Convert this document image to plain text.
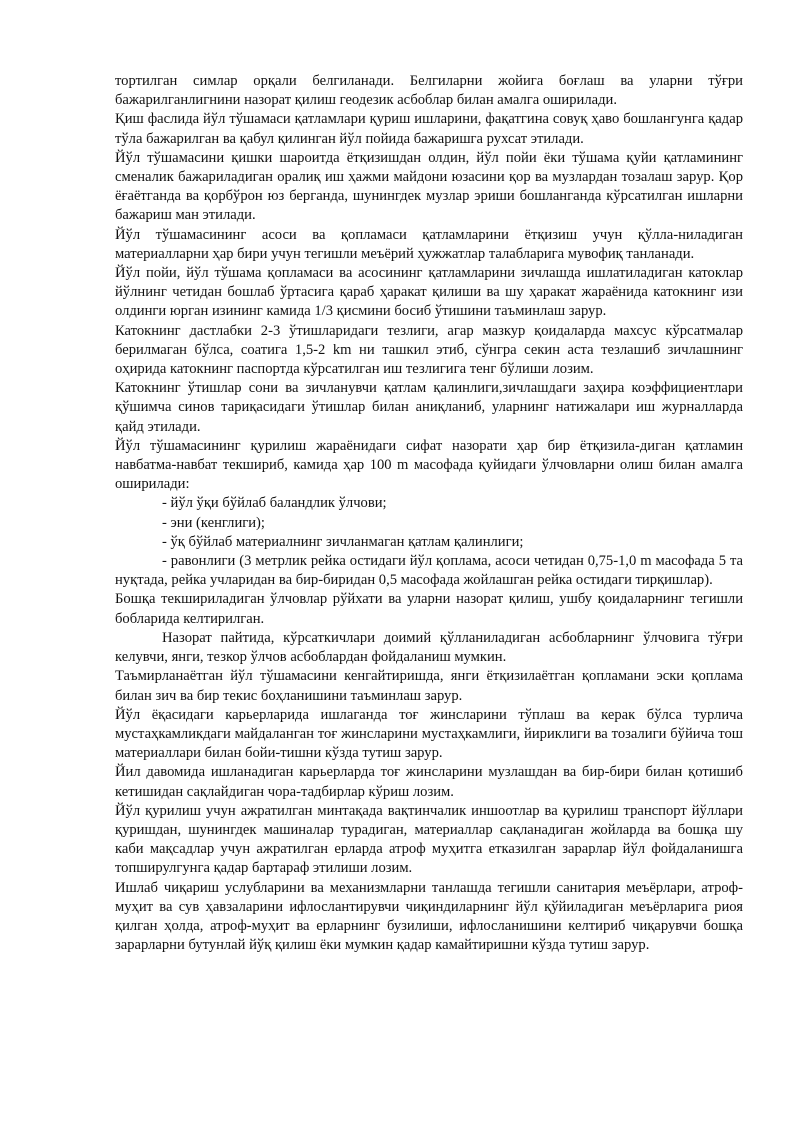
тортилган симлар орқали белгиланади. Белгиларни жойига боғлаш ва уларни тўғри бажарилганлигнини назорат қилиш геодезик асбоблар билан амалга оширилади.

Қиш фаслида йўл тўшамаси қатламлари қуриш ишларини, фақатгина совуқ ҳаво бошлангунга қадар тўла бажарилган ва қабул қилинган йўл пойида бажаришга рухсат этилади.

Йўл тўшамасини қишки шароитда ётқизишдан олдин, йўл пойи ёки тўшама қуйи қатламининг сменалик бажариладиган оралиқ иш ҳажми майдони юзасини қор ва музлардан тозалаш зарур. Қор ёғаётганда ва қорбўрон юз берганда, шунингдек музлар эриши бошланганда кўрсатилган ишларни бажариш ман этилади.

Йўл тўшамасининг асоси ва қопламаси қатламларини ётқизиш учун қўлла-ниладиган материалларни ҳар бири учун тегишли меъёрий ҳужжатлар талабларига мувофиқ танланади.

Йўл пойи, йўл тўшама қопламаси ва асосининг қатламларини зичлашда ишлатиладиган катоклар йўлнинг четидан бошлаб ўртасига қараб ҳаракат қилиши ва шу ҳаракат жараёнида катокнинг изи олдинги юрган изининг камида 1/3 қисмини босиб ўтишини таъминлаш зарур.

Катокнинг дастлабки 2-3 ўтишларидаги тезлиги, агар мазкур қоидаларда махсус кўрсатмалар берилмаган бўлса, соатига 1,5-2 km ни ташкил этиб, сўнгра секин аста тезлашиб зичлашнинг оҳирида катокнинг паспортда кўрсатилган иш тезлигига тенг бўлиши лозим.

Катокнинг ўтишлар сони ва зичланувчи қатлам қалинлиги,зичлашдаги заҳира коэффициентлари қўшимча синов тариқасидаги ўтишлар билан аниқланиб, уларнинг натижалари иш журналларда қайд этилади.

Йўл тўшамасининг қурилиш жараёнидаги сифат назорати ҳар бир ётқизила-диган қатламин навбатма-навбат текшириб, камида ҳар 100 m масофада қуйидаги ўлчовларни олиш билан амалга оширилади:

- йўл ўқи бўйлаб баландлик ўлчови;
- эни (кенглиги);
- ўқ бўйлаб материалнинг зичланмаган қатлам қалинлиги;

- равонлиги (3 метрлик рейка остидаги йўл қоплама, асоси четидан 0,75-1,0 m масофада 5 та нуқтада, рейка учларидан ва бир-биридан 0,5 масофада жойлашган рейка остидаги тирқишлар).

Бошқа текшириладиган ўлчовлар рўйхати ва уларни назорат қилиш, ушбу қоидаларнинг тегишли бобларида келтирилган.

Назорат пайтида, кўрсаткичлари доимий қўлланиладиган асбобларнинг ўлчовига тўғри келувчи, янги, тезкор ўлчов асбоблардан фойдаланиш мумкин.

Таъмирланаётган йўл тўшамасини кенгайтиришда, янги ётқизилаётган қопламани эски қоплама билан зич ва бир текис боҳланишини таъминлаш зарур.

Йўл ёқасидаги карьерларида ишлаганда тоғ жинсларини тўплаш ва керак бўлса турлича мустаҳкамликдаги майдаланган тоғ жинсларини мустаҳкамлиги, йириклиги ва тозалиги бўйича тош материаллари билан бойи-тишни кўзда тутиш зарур.

Йил давомида ишланадиган карьерларда тоғ жинсларини музлашдан ва бир-бири билан қотишиб кетишидан сақлайдиган чора-тадбирлар кўриш лозим.

Йўл қурилиш учун ажратилган минтақада вақтинчалик иншоотлар ва қурилиш транспорт йўллари қуришдан, шунингдек машиналар турадиган, материаллар сақланадиган жойларда ва бошқа шу каби мақсадлар учун ажратилган ерларда атроф муҳитга етказилган зарарлар йўл фойдаланишга топширулгунга қадар бартараф этилиши лозим.

Ишлаб чиқариш услубларини ва механизмларни танлашда тегишли санитария меъёрлари, атроф-муҳит ва сув ҳавзаларини ифлослантирувчи чиқиндиларнинг йўл қўйиладиган меъёрларига риоя қилган ҳолда, атроф-муҳит ва ерларнинг бузилиши, ифлосланишини келтириб чиқарувчи бошқа зарарларни бутунлай йўқ қилиш ёки мумкин қадар камайтиришни кўзда тутиш зарур.
